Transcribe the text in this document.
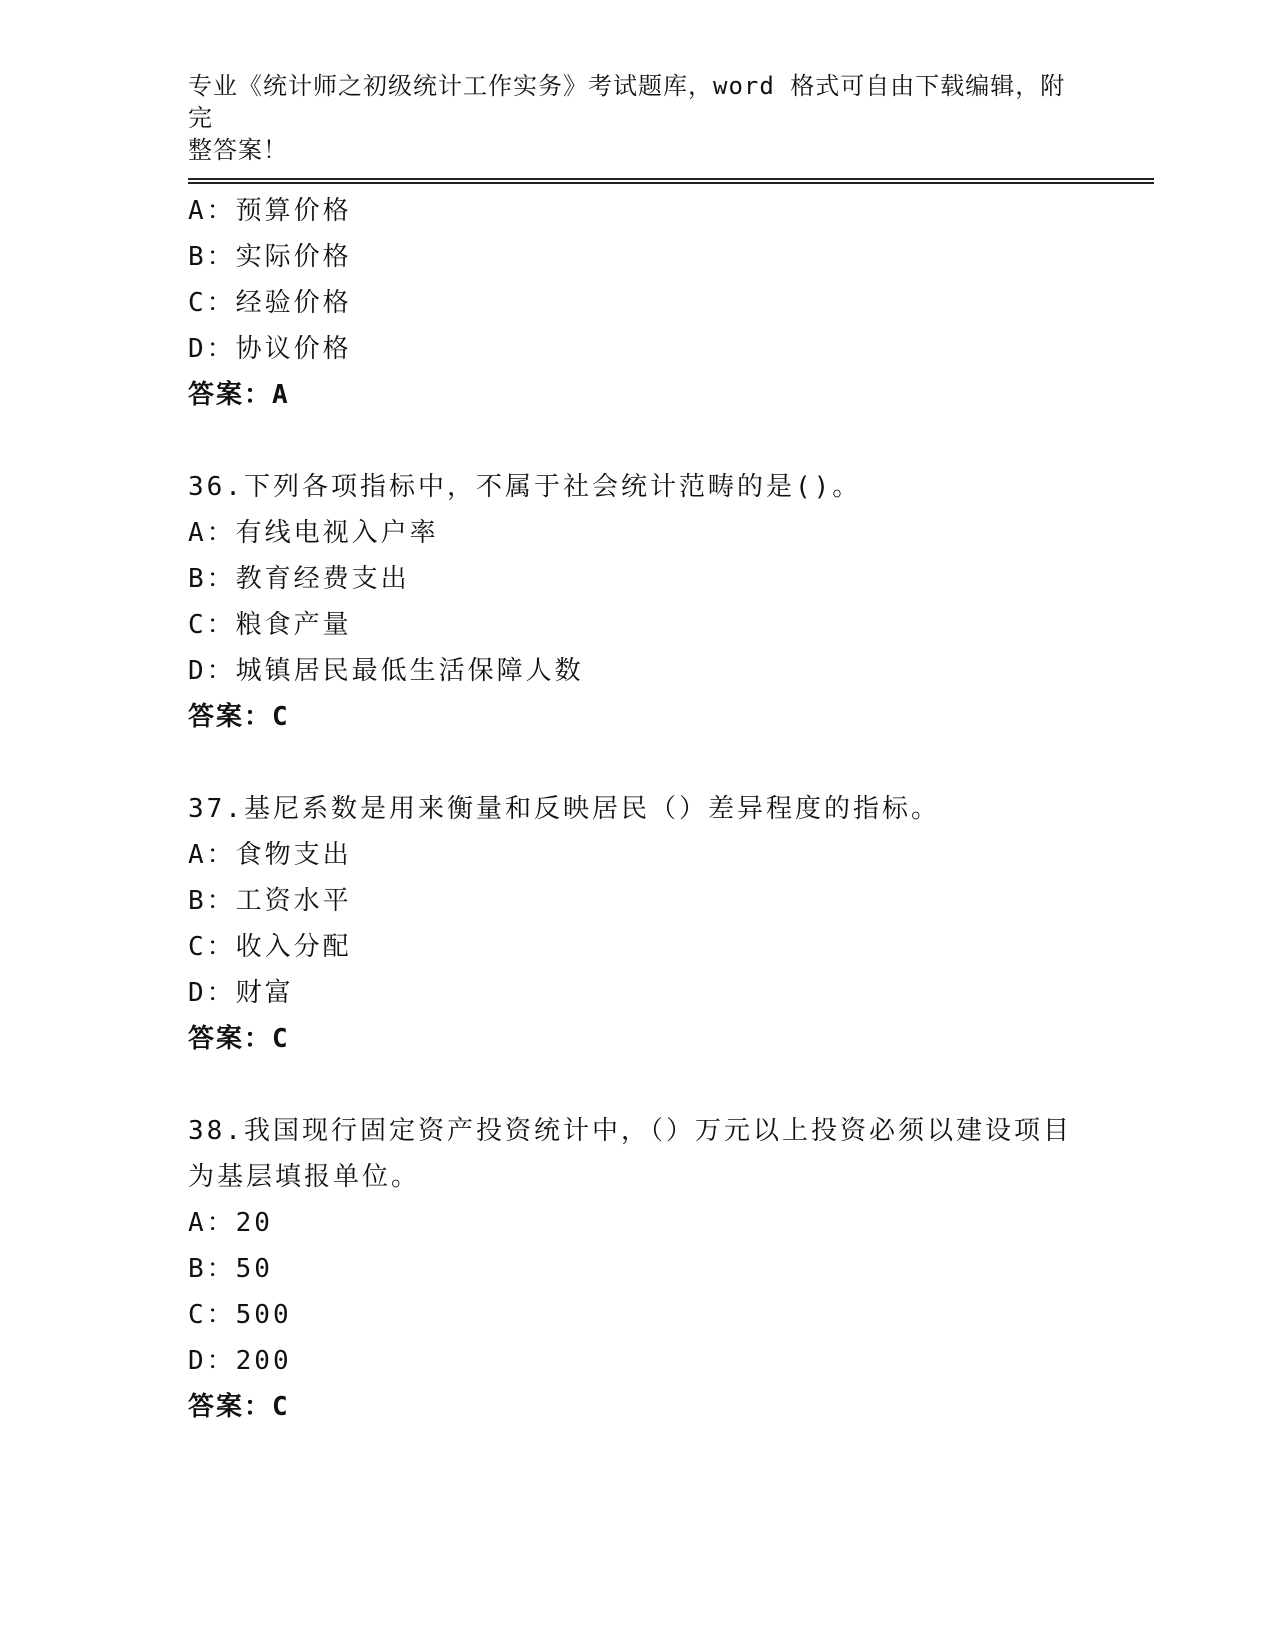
专业《统计师之初级统计工作实务》考试题库，word 格式可自由下载编辑，附完
整答案！
A：预算价格
B：实际价格
C：经验价格
D：协议价格
答案：A
36.下列各项指标中，不属于社会统计范畴的是()。
A：有线电视入户率
B：教育经费支出
C：粮食产量
D：城镇居民最低生活保障人数
答案：C
37.基尼系数是用来衡量和反映居民（）差异程度的指标。
A：食物支出
B：工资水平
C：收入分配
D：财富
答案：C
38.我国现行固定资产投资统计中，（）万元以上投资必须以建设项目
为基层填报单位。
A：20
B：50
C：500
D：200
答案：C
